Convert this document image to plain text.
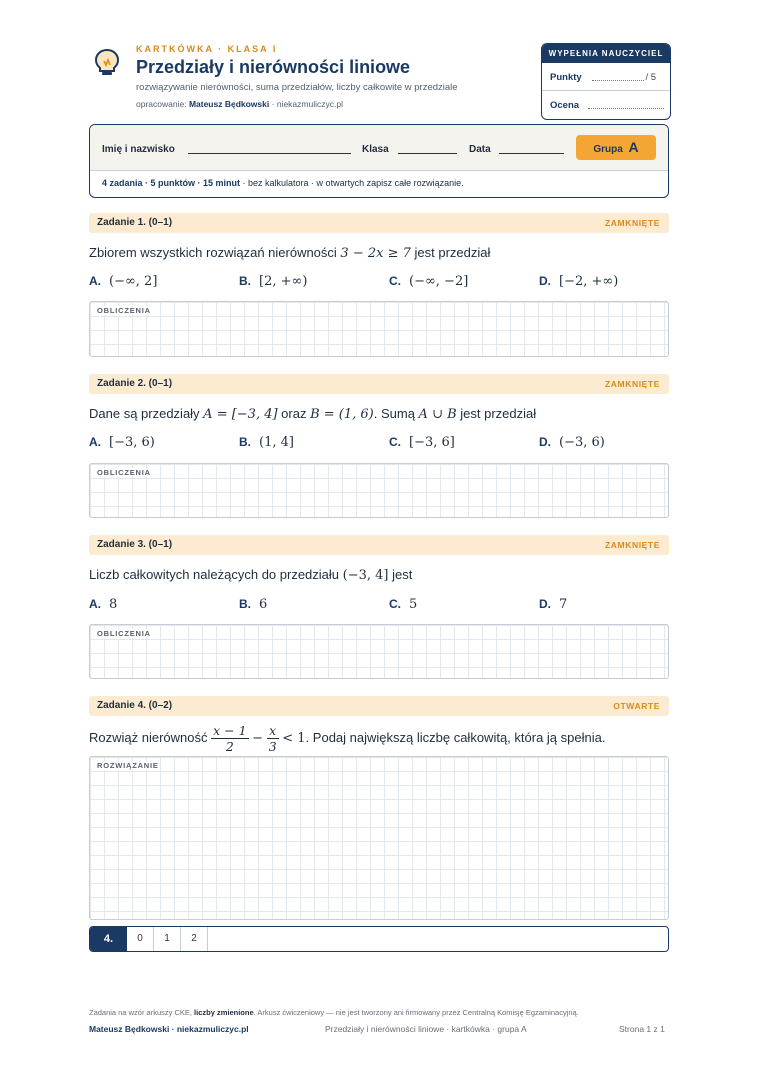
KARTKÓWKA · KLASA I
Przedziały i nierówności liniowe
rozwiązywanie nierówności, suma przedziałów, liczby całkowite w przedziale
opracowanie: Mateusz Będkowski · niekazmuliczyc.pl
WYPEŁNIA NAUCZYCIEL
Punkty	/ 5
Ocena
Imię i nazwisko	Klasa	Data	Grupa A
4 zadania · 5 punktów · 15 minut · bez kalkulatora · w otwartych zapisz całe rozwiązanie.
Zadanie 1. (0–1)	ZAMKNIĘTE
Zbiorem wszystkich rozwiązań nierówności 3 − 2x ≥ 7 jest przedział
A. (−∞, 2]	B. [2, +∞)	C. (−∞, −2]	D. [−2, +∞)
OBLICZENIA
Zadanie 2. (0–1)	ZAMKNIĘTE
Dane są przedziały A = [−3, 4] oraz B = (1, 6). Sumą A ∪ B jest przedział
A. [−3, 6)	B. (1, 4]	C. [−3, 6]	D. (−3, 6)
OBLICZENIA
Zadanie 3. (0–1)	ZAMKNIĘTE
Liczb całkowitych należących do przedziału (−3, 4] jest
A. 8	B. 6	C. 5	D. 7
OBLICZENIA
Zadanie 4. (0–2)	OTWARTE
Rozwiąż nierówność $\frac{x - 1}{2} - \frac{x}{3} < 1$. Podaj największą liczbę całkowitą, która ją spełnia.
ROZWIĄZANIE
4.	0	1	2
Zadania na wzór arkuszy CKE, liczby zmienione. Arkusz ćwiczeniowy — nie jest tworzony ani firmowany przez Centralną Komisję Egzaminacyjną.
Mateusz Będkowski · niekazmuliczyc.pl	Przedziały i nierówności liniowe · kartkówka · grupa A	Strona 1 z 1
